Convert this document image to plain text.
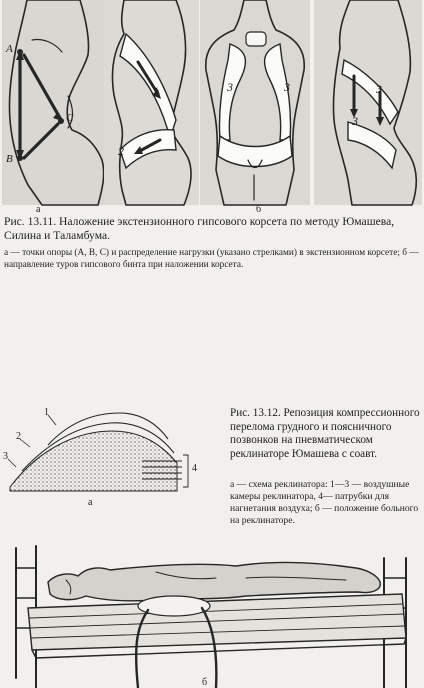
A
B
C
1
2
3	3	3
3
а	б
Рис. 13.11. Наложение экстензионного гипсового корсета по методу Юмашева, Силина и Таламбума.
а — точки опоры (А, В, С) и распределение нагрузки (указано стрелками) в экстензионном корсете; б — направление туров гипсового бинта при наложении корсета.
1
2
3
4
а
Рис. 13.12. Репозиция компрессионного перелома грудного и поясничного позвонков на пневматическом реклинаторе Юмашева с соавт.
а — схема реклинатора: 1—3 — воздушные камеры реклинатора, 4— патрубки для нагнетания воздуха; б — положение больного на реклинаторе.
б
